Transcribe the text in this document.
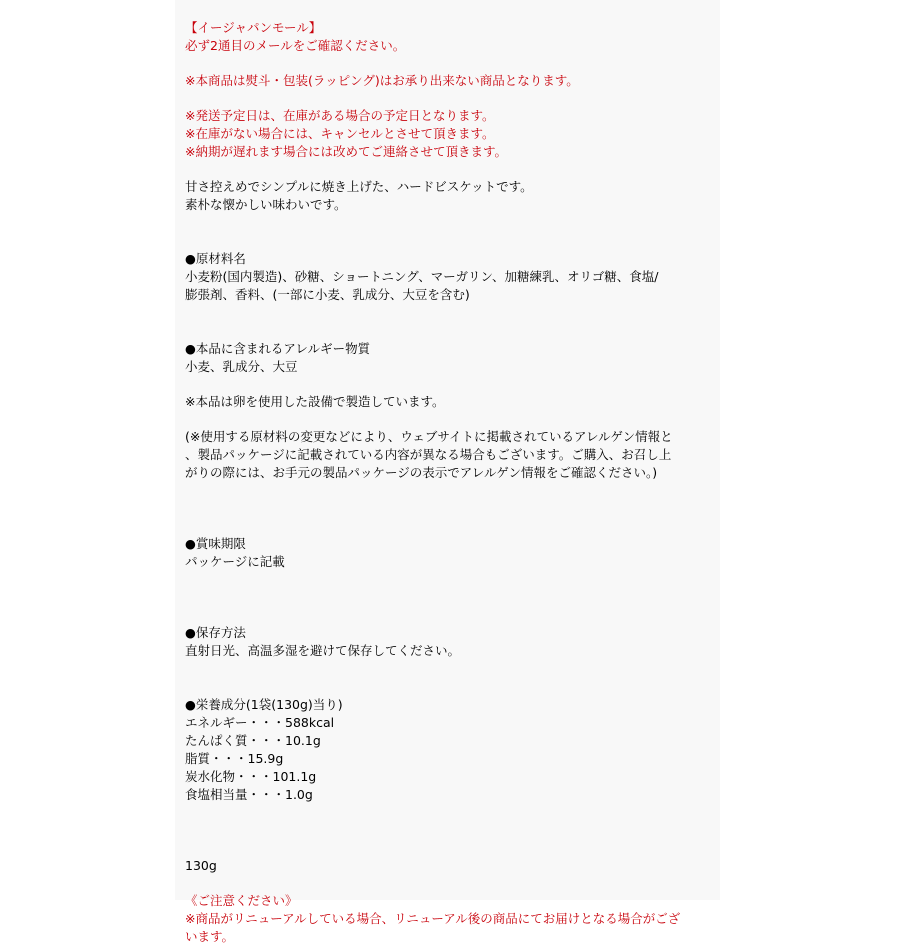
【イージャパンモール】
必ず2通目のメールをご確認ください。
※本商品は熨斗・包装(ラッピング)はお承り出来ない商品となります。
※発送予定日は、在庫がある場合の予定日となります。
※在庫がない場合には、キャンセルとさせて頂きます。
※納期が遅れます場合には改めてご連絡させて頂きます。
甘さ控えめでシンプルに焼き上げた、ハードビスケットです。
素朴な懐かしい味わいです。
●原材料名
小麦粉(国内製造)、砂糖、ショートニング、マーガリン、加糖練乳、オリゴ糖、食塩/
膨張剤、香料、(一部に小麦、乳成分、大豆を含む)
●本品に含まれるアレルギー物質
小麦、乳成分、大豆
※本品は卵を使用した設備で製造しています。
(※使用する原材料の変更などにより、ウェブサイトに掲載されているアレルゲン情報と
、製品パッケージに記載されている内容が異なる場合もございます。ご購入、お召し上
がりの際には、お手元の製品パッケージの表示でアレルゲン情報をご確認ください。)
●賞味期限
パッケージに記載
●保存方法
直射日光、高温多湿を避けて保存してください。
●栄養成分(1袋(130g)当り)
エネルギー・・・588kcal
たんぱく質・・・10.1g
脂質・・・15.9g
炭水化物・・・101.1g
食塩相当量・・・1.0g
130g
《ご注意ください》
※商品がリニューアルしている場合、リニューアル後の商品にてお届けとなる場合がござ
います。
